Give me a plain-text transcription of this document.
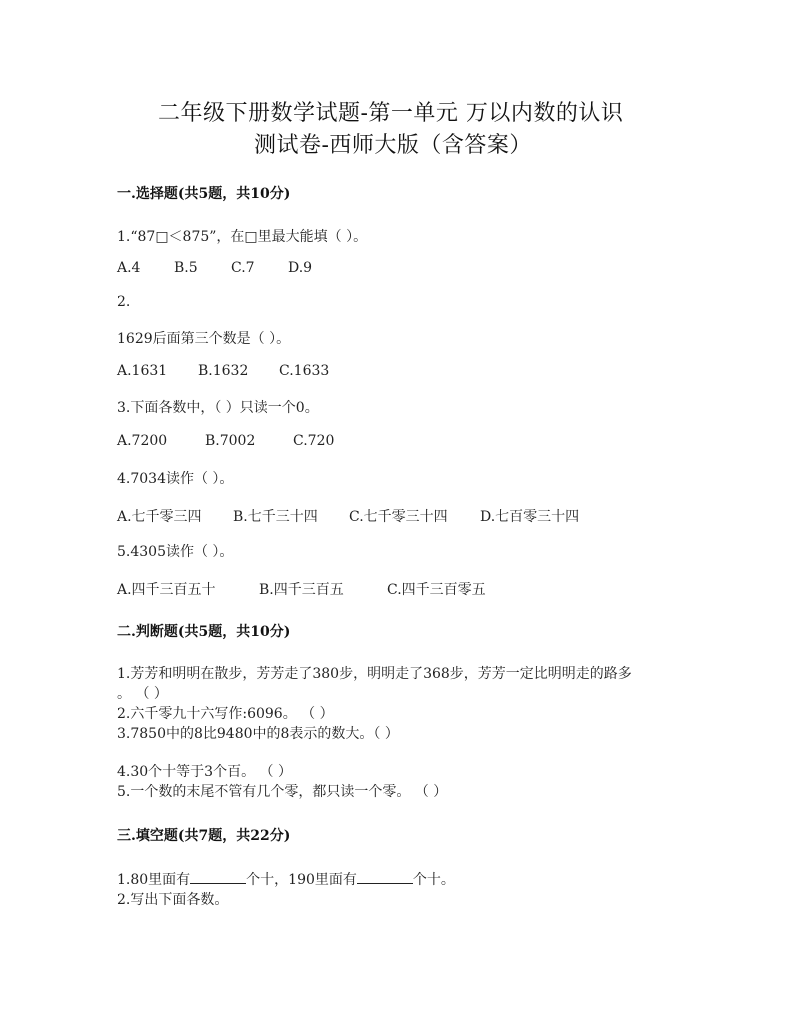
二年级下册数学试题-第一单元 万以内数的认识
测试卷-西师大版（含答案）
一.选择题(共5题，共10分)
1.“87□＜875”，在□里最大能填（ ）。
A.4 B.5 C.7 D.9
2.
1629后面第三个数是（ ）。
A.1631 B.1632 C.1633
3.下面各数中，（ ）只读一个0。
A.7200	B.7002	C.720
4.7034读作（ ）。
A.七千零三四 B.七千三十四 C.七千零三十四 D.七百零三十四
5.4305读作（ ）。
A.四千三百五十	B.四千三百五	C.四千三百零五
二.判断题(共5题，共10分)
1.芳芳和明明在散步，芳芳走了380步，明明走了368步，芳芳一定比明明走的路多
。 （ ）
2.六千零九十六写作:6096。 （ ）
3.7850中的8比9480中的8表示的数大。（ ）
4.30个十等于3个百。 （ ）
5.一个数的末尾不管有几个零，都只读一个零。 （ ）
三.填空题(共7题，共22分)
1.80里面有	个十，190里面有	个十。
2.写出下面各数。
